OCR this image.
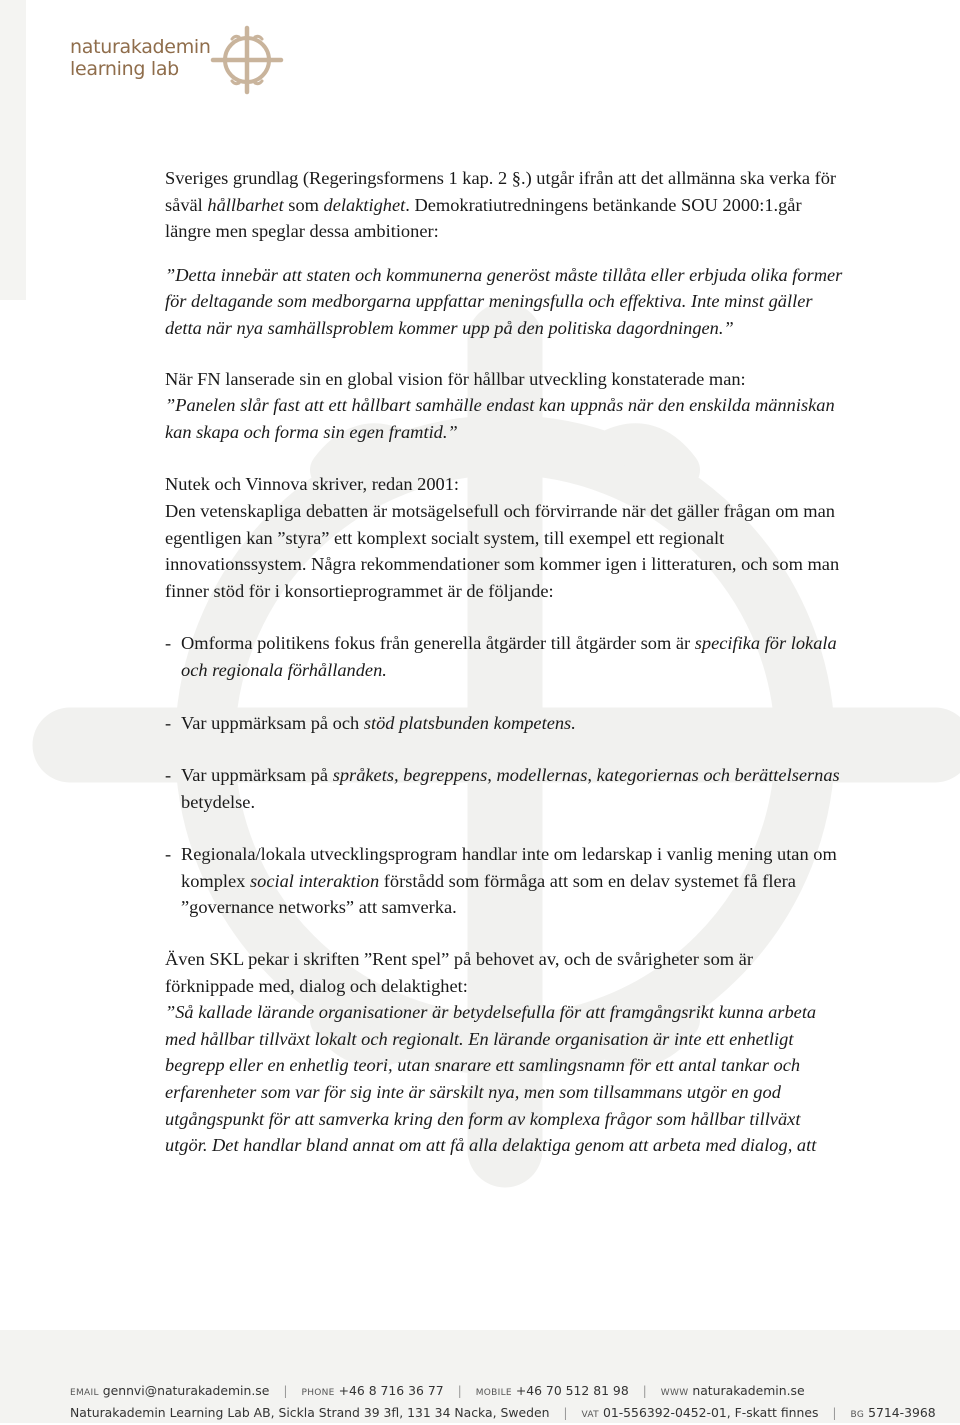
naturakademin
learning lab

Sveriges grundlag (Regeringsformens 1 kap. 2 §.) utgår ifrån att det allmänna ska verka för såväl hållbarhet som delaktighet. Demokratiutredningens betänkande SOU 2000:1.går längre men speglar dessa ambitioner:

”Detta innebär att staten och kommunerna generöst måste tillåta eller erbjuda olika former för deltagande som medborgarna uppfattar meningsfulla och effektiva. Inte minst gäller detta när nya samhällsproblem kommer upp på den politiska dagordningen.”

När FN lanserade sin en global vision för hållbar utveckling konstaterade man:

”Panelen slår fast att ett hållbart samhälle endast kan uppnås när den enskilda människan kan skapa och forma sin egen framtid.”

Nutek och Vinnova skriver, redan 2001:

Den vetenskapliga debatten är motsägelsefull och förvirrande när det gäller frågan om man egentligen kan ”styra” ett komplext socialt system, till exempel ett regionalt innovationssystem. Några rekommendationer som kommer igen i litteraturen, och som man finner stöd för i konsortieprogrammet är de följande:

- Omforma politikens fokus från generella åtgärder till åtgärder som är specifika för lokala och regionala förhållanden.
- Var uppmärksam på och stöd platsbunden kompetens.
- Var uppmärksam på språkets, begreppens, modellernas, kategoriernas och berättelsernas betydelse.
- Regionala/lokala utvecklingsprogram handlar inte om ledarskap i vanlig mening utan om komplex social interaktion förstådd som förmåga att som en delav systemet få flera ”governance networks” att samverka.

Även SKL pekar i skriften ”Rent spel” på behovet av, och de svårigheter som är förknippade med, dialog och delaktighet:

”Så kallade lärande organisationer är betydelsefulla för att framgångsrikt kunna arbeta med hållbar tillväxt lokalt och regionalt. En lärande organisation är inte ett enhetligt begrepp eller en enhetlig teori, utan snarare ett samlingsnamn för ett antal tankar och erfarenheter som var för sig inte är särskilt nya, men som tillsammans utgör en god utgångspunkt för att samverka kring den form av komplexa frågor som hållbar tillväxt utgör. Det handlar bland annat om att få alla delaktiga genom att arbeta med dialog, att

EMAIL gennvi@naturakademin.se | PHONE +46 8 716 36 77 | MOBILE +46 70 512 81 98 | WWW naturakademin.se
Naturakademin Learning Lab AB, Sickla Strand 39 3fl, 131 34 Nacka, Sweden | VAT 01-556392-0452-01, F-skatt finnes | BG 5714-3968
